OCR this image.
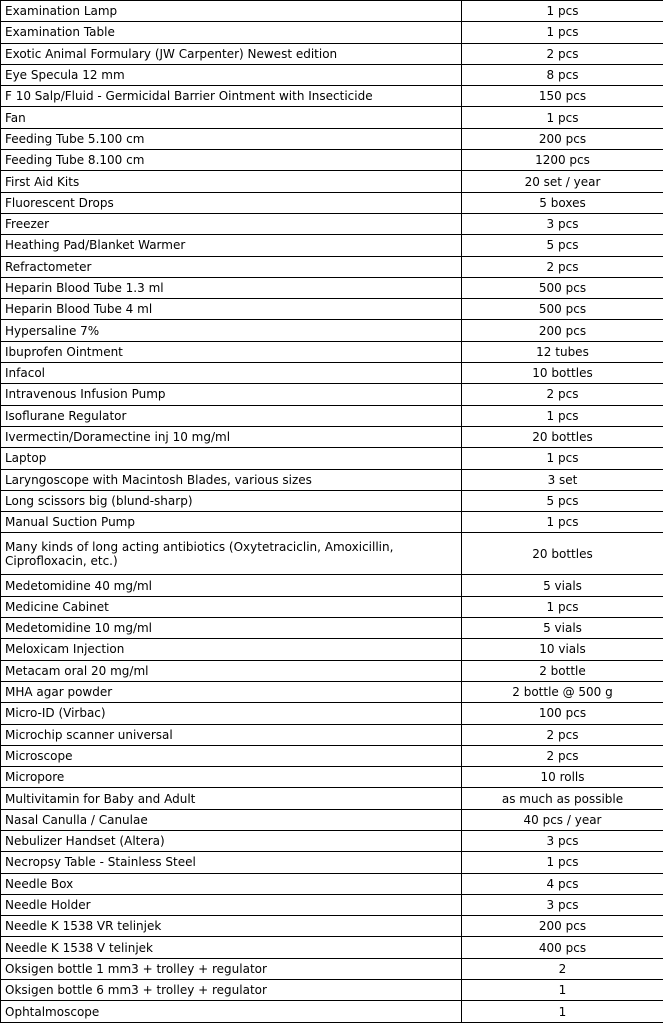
Examination Lamp	1 pcs
Examination Table	1 pcs
Exotic Animal Formulary (JW Carpenter) Newest edition	2 pcs
Eye Specula 12 mm	8 pcs
F 10 Salp/Fluid - Germicidal Barrier Ointment with Insecticide	150 pcs
Fan	1 pcs
Feeding Tube 5.100 cm	200 pcs
Feeding Tube 8.100 cm	1200 pcs
First Aid Kits	20 set / year
Fluorescent Drops	5 boxes
Freezer	3 pcs
Heathing Pad/Blanket Warmer	5 pcs
Refractometer	2 pcs
Heparin Blood Tube 1.3 ml	500 pcs
Heparin Blood Tube 4 ml	500 pcs
Hypersaline 7%	200 pcs
Ibuprofen Ointment	12 tubes
Infacol	10 bottles
Intravenous Infusion Pump	2 pcs
Isoflurane Regulator	1 pcs
Ivermectin/Doramectine inj 10 mg/ml	20 bottles
Laptop	1 pcs
Laryngoscope with Macintosh Blades, various sizes	3 set
Long scissors big (blund-sharp)	5 pcs
Manual Suction Pump	1 pcs
Many kinds of long acting antibiotics (Oxytetraciclin, Amoxicillin, Ciprofloxacin, etc.)	20 bottles
Medetomidine 40 mg/ml	5 vials
Medicine Cabinet	1 pcs
Medetomidine 10 mg/ml	5 vials
Meloxicam Injection	10 vials
Metacam oral 20 mg/ml	2 bottle
MHA agar powder	2 bottle @ 500 g
Micro-ID (Virbac)	100 pcs
Microchip scanner universal	2 pcs
Microscope	2 pcs
Micropore	10 rolls
Multivitamin for Baby and Adult	as much as possible
Nasal Canulla / Canulae	40 pcs / year
Nebulizer Handset (Altera)	3 pcs
Necropsy Table - Stainless Steel	1 pcs
Needle Box	4 pcs
Needle Holder	3 pcs
Needle K 1538 VR telinjek	200 pcs
Needle K 1538 V telinjek	400 pcs
Oksigen bottle 1 mm3 + trolley + regulator	2
Oksigen bottle 6 mm3 + trolley + regulator	1
Ophtalmoscope	1
